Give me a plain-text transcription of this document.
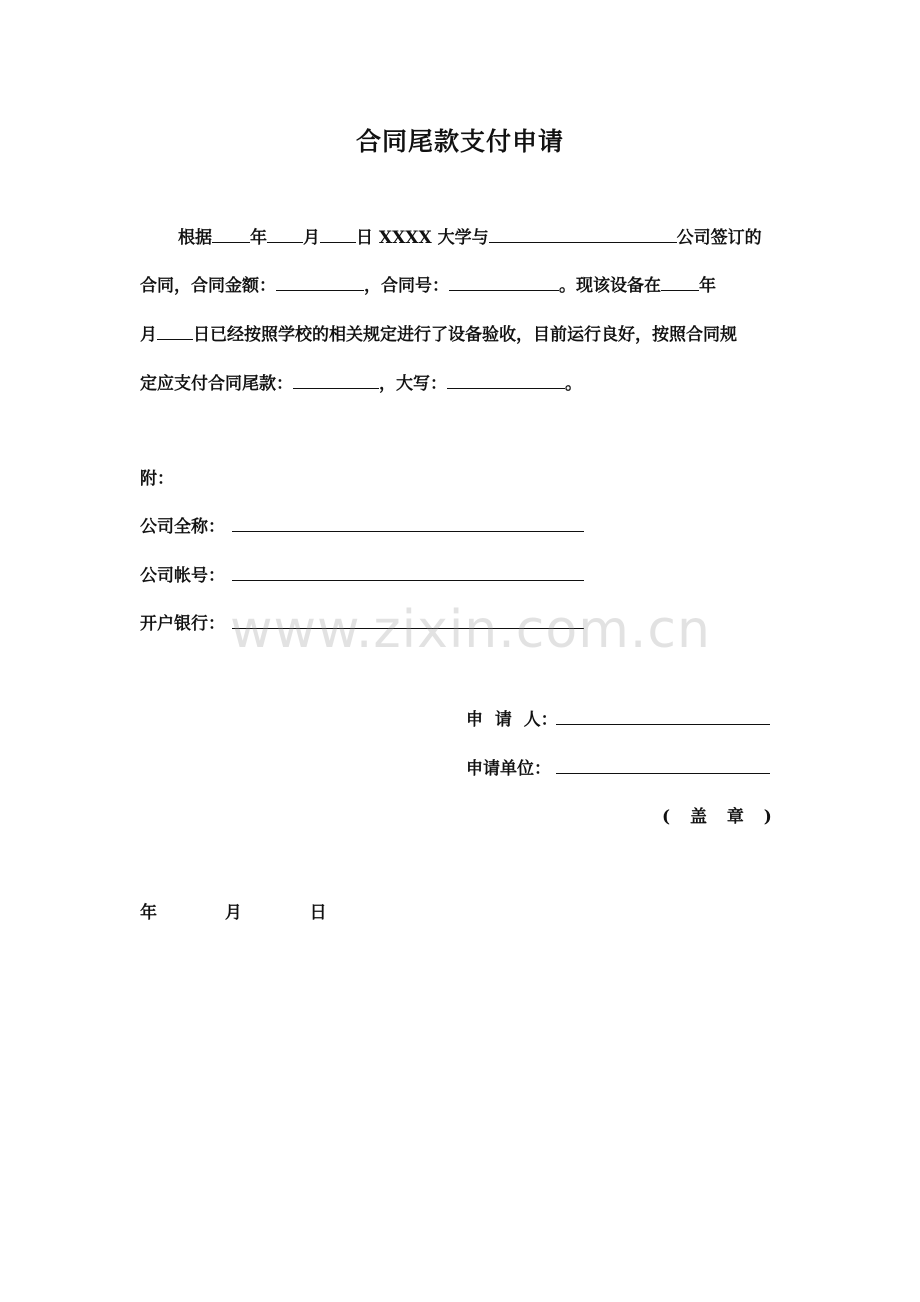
合同尾款支付申请
根据 年 月 日 XXXX 大学与	公司签订的
合同，合同金额：	，合同号：	。现该设备在 年
月 日已经按照学校的相关规定进行了设备验收，目前运行良好，按照合同规
定应支付合同尾款：	，大写：	。
附：
公司全称：
公司帐号：
开户银行： www.zixin.com.cn
申  请  人：
申请单位：
( 盖 章 )
年  月  日
